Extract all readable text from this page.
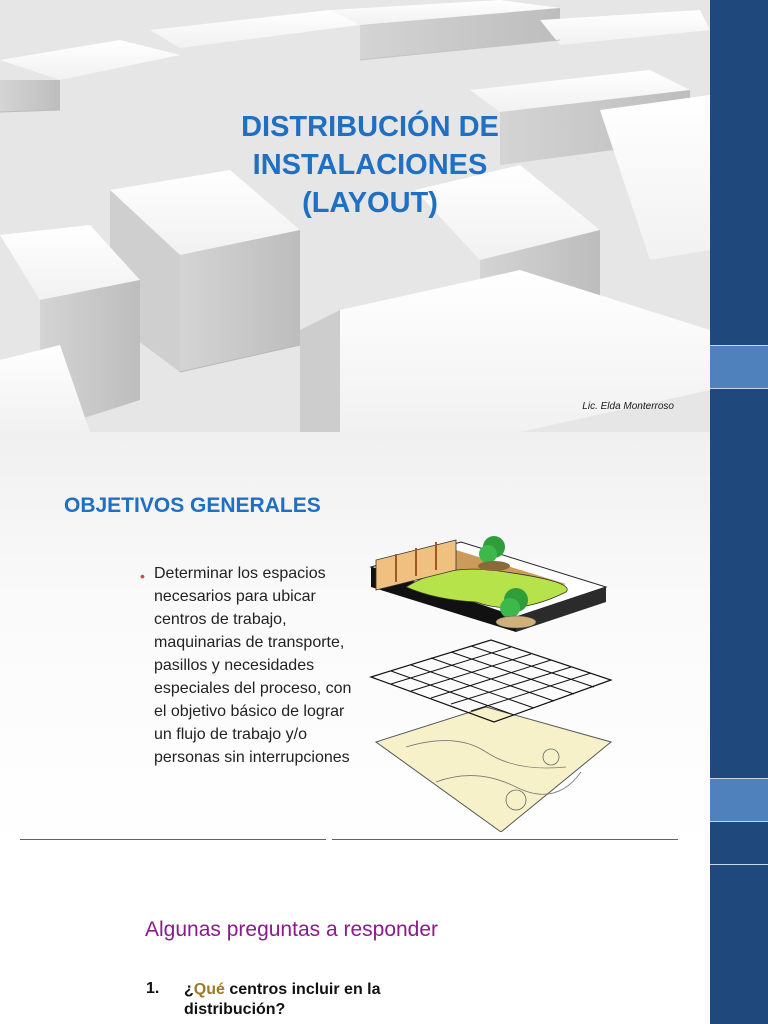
DISTRIBUCIÓN DE
INSTALACIONES
(LAYOUT)
Lic. Elda Monterroso
OBJETIVOS GENERALES
• Determinar los espacios necesarios para ubicar centros de trabajo, maquinarias de transporte, pasillos y necesidades especiales del proceso, con el objetivo básico de lograr un flujo de trabajo y/o personas sin interrupciones
Algunas preguntas a responder
1. ¿Qué centros incluir en la distribución?
